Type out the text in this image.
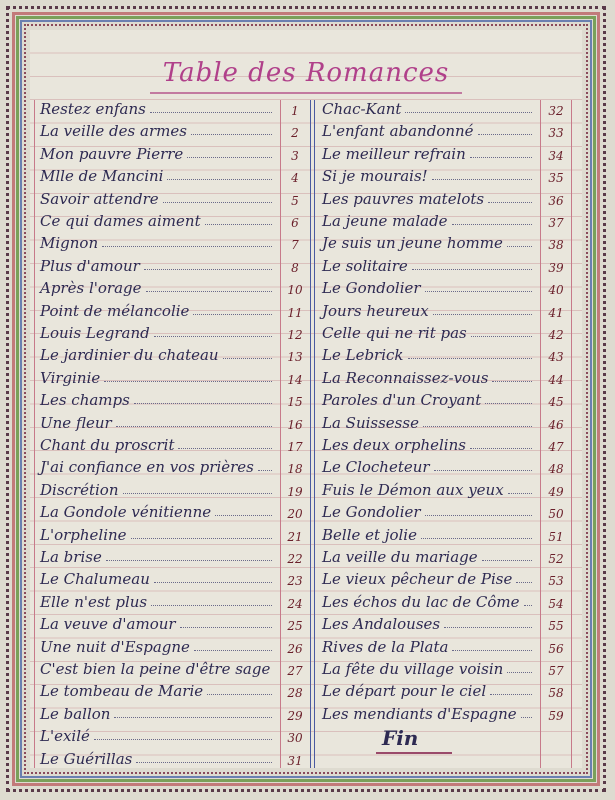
Table des Romances
Restez enfans	1
La veille des armes	2
Mon pauvre Pierre	3
Mlle de Mancini	4
Savoir attendre	5
Ce qui dames aiment	6
Mignon	7
Plus d'amour	8
Après l'orage	10
Point de mélancolie	11
Louis Legrand	12
Le jardinier du chateau	13
Virginie	14
Les champs	15
Une fleur	16
Chant du proscrit	17
J'ai confiance en vos prières	18
Discrétion	19
La Gondole vénitienne	20
L'orpheline	21
La brise	22
Le Chalumeau	23
Elle n'est plus	24
La veuve d'amour	25
Une nuit d'Espagne	26
C'est bien la peine d'être sage	27
Le tombeau de Marie	28
Le ballon	29
L'exilé	30
Le Guérillas	31
Chac-Kant	32
L'enfant abandonné	33
Le meilleur refrain	34
Si je mourais!	35
Les pauvres matelots	36
La jeune malade	37
Je suis un jeune homme	38
Le solitaire	39
Le Gondolier	40
Jours heureux	41
Celle qui ne rit pas	42
Le Lebrick	43
La Reconnaissez-vous	44
Paroles d'un Croyant	45
La Suissesse	46
Les deux orphelins	47
Le Clocheteur	48
Fuis le Démon aux yeux	49
Le Gondolier	50
Belle et jolie	51
La veille du mariage	52
Le vieux pêcheur de Pise	53
Les échos du lac de Côme	54
Les Andalouses	55
Rives de la Plata	56
La fête du village voisin	57
Le départ pour le ciel	58
Les mendiants d'Espagne	59
Fin
